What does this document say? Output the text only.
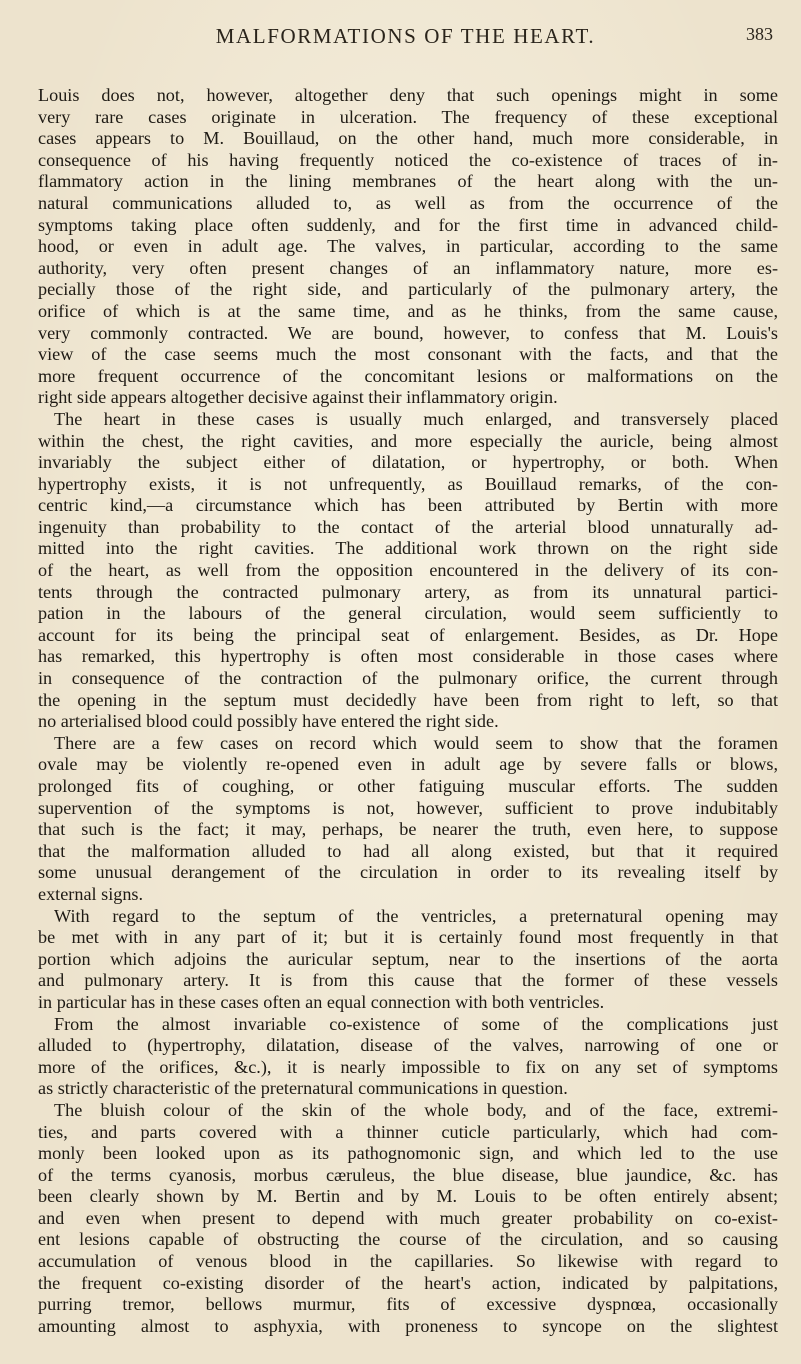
MALFORMATIONS OF THE HEART.	383
Louis does not, however, altogether deny that such openings might in some
very rare cases originate in ulceration. The frequency of these exceptional
cases appears to M. Bouillaud, on the other hand, much more considerable, in
consequence of his having frequently noticed the co-existence of traces of in-
flammatory action in the lining membranes of the heart along with the un-
natural communications alluded to, as well as from the occurrence of the
symptoms taking place often suddenly, and for the first time in advanced child-
hood, or even in adult age. The valves, in particular, according to the same
authority, very often present changes of an inflammatory nature, more es-
pecially those of the right side, and particularly of the pulmonary artery, the
orifice of which is at the same time, and as he thinks, from the same cause,
very commonly contracted. We are bound, however, to confess that M. Louis's
view of the case seems much the most consonant with the facts, and that the
more frequent occurrence of the concomitant lesions or malformations on the
right side appears altogether decisive against their inflammatory origin.
The heart in these cases is usually much enlarged, and transversely placed
within the chest, the right cavities, and more especially the auricle, being almost
invariably the subject either of dilatation, or hypertrophy, or both. When
hypertrophy exists, it is not unfrequently, as Bouillaud remarks, of the con-
centric kind,—a circumstance which has been attributed by Bertin with more
ingenuity than probability to the contact of the arterial blood unnaturally ad-
mitted into the right cavities. The additional work thrown on the right side
of the heart, as well from the opposition encountered in the delivery of its con-
tents through the contracted pulmonary artery, as from its unnatural partici-
pation in the labours of the general circulation, would seem sufficiently to
account for its being the principal seat of enlargement. Besides, as Dr. Hope
has remarked, this hypertrophy is often most considerable in those cases where
in consequence of the contraction of the pulmonary orifice, the current through
the opening in the septum must decidedly have been from right to left, so that
no arterialised blood could possibly have entered the right side.
There are a few cases on record which would seem to show that the foramen
ovale may be violently re-opened even in adult age by severe falls or blows,
prolonged fits of coughing, or other fatiguing muscular efforts. The sudden
supervention of the symptoms is not, however, sufficient to prove indubitably
that such is the fact; it may, perhaps, be nearer the truth, even here, to suppose
that the malformation alluded to had all along existed, but that it required
some unusual derangement of the circulation in order to its revealing itself by
external signs.
With regard to the septum of the ventricles, a preternatural opening may
be met with in any part of it; but it is certainly found most frequently in that
portion which adjoins the auricular septum, near to the insertions of the aorta
and pulmonary artery. It is from this cause that the former of these vessels
in particular has in these cases often an equal connection with both ventricles.
From the almost invariable co-existence of some of the complications just
alluded to (hypertrophy, dilatation, disease of the valves, narrowing of one or
more of the orifices, &c.), it is nearly impossible to fix on any set of symptoms
as strictly characteristic of the preternatural communications in question.
The bluish colour of the skin of the whole body, and of the face, extremi-
ties, and parts covered with a thinner cuticle particularly, which had com-
monly been looked upon as its pathognomonic sign, and which led to the use
of the terms cyanosis, morbus cæruleus, the blue disease, blue jaundice, &c. has
been clearly shown by M. Bertin and by M. Louis to be often entirely absent;
and even when present to depend with much greater probability on co-exist-
ent lesions capable of obstructing the course of the circulation, and so causing
accumulation of venous blood in the capillaries. So likewise with regard to
the frequent co-existing disorder of the heart's action, indicated by palpitations,
purring tremor, bellows murmur, fits of excessive dyspnœa, occasionally
amounting almost to asphyxia, with proneness to syncope on the slightest
